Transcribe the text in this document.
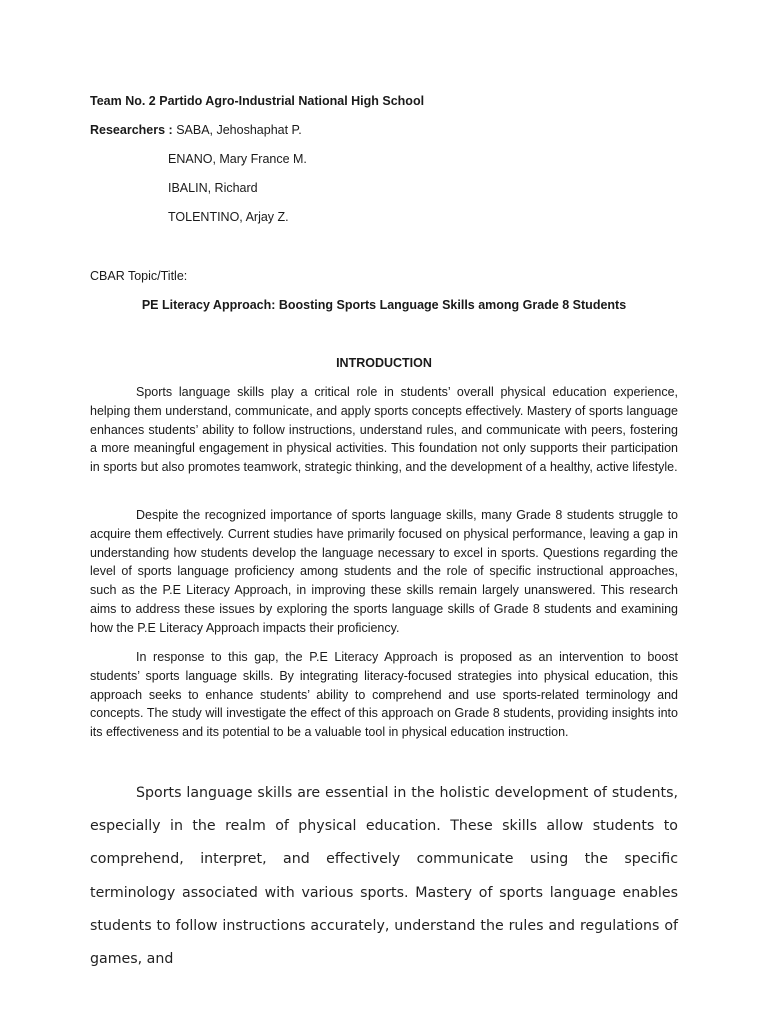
Team No. 2 Partido Agro-Industrial National High School

Researchers : SABA, Jehoshaphat P.

ENANO, Mary France M.

IBALIN, Richard

TOLENTINO, Arjay Z.

CBAR Topic/Title:

PE Literacy Approach: Boosting Sports Language Skills among Grade 8 Students

INTRODUCTION

Sports language skills play a critical role in students’ overall physical education experience, helping them understand, communicate, and apply sports concepts effectively. Mastery of sports language enhances students’ ability to follow instructions, understand rules, and communicate with peers, fostering a more meaningful engagement in physical activities. This foundation not only supports their participation in sports but also promotes teamwork, strategic thinking, and the development of a healthy, active lifestyle.

Despite the recognized importance of sports language skills, many Grade 8 students struggle to acquire them effectively. Current studies have primarily focused on physical performance, leaving a gap in understanding how students develop the language necessary to excel in sports. Questions regarding the level of sports language proficiency among students and the role of specific instructional approaches, such as the P.E Literacy Approach, in improving these skills remain largely unanswered. This research aims to address these issues by exploring the sports language skills of Grade 8 students and examining how the P.E Literacy Approach impacts their proficiency.

In response to this gap, the P.E Literacy Approach is proposed as an intervention to boost students’ sports language skills. By integrating literacy-focused strategies into physical education, this approach seeks to enhance students’ ability to comprehend and use sports-related terminology and concepts. The study will investigate the effect of this approach on Grade 8 students, providing insights into its effectiveness and its potential to be a valuable tool in physical education instruction.

Sports language skills are essential in the holistic development of students, especially in the realm of physical education. These skills allow students to comprehend, interpret, and effectively communicate using the specific terminology associated with various sports. Mastery of sports language enables students to follow instructions accurately, understand the rules and regulations of games, and
